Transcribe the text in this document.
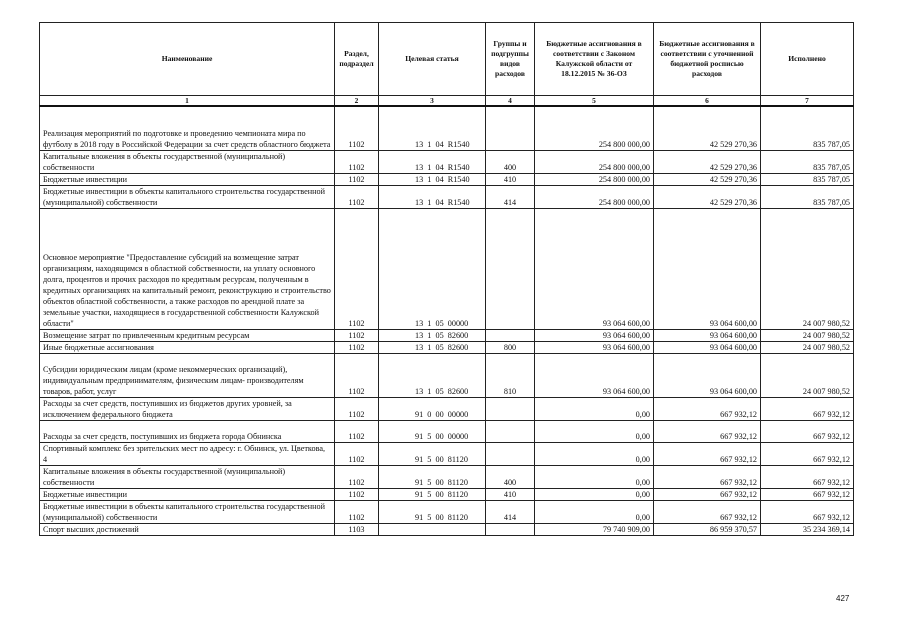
Наименование	Раздел, подраздел	Целевая статья	Группы и подгруппы видов расходов	Бюджетные ассигнования в соответствии с Законом Калужской области от 18.12.2015 № 36-ОЗ	Бюджетные ассигнования в соответствии с уточненной бюджетной росписью расходов	Исполнено
1	2	3	4	5	6	7
Реализация мероприятий по подготовке и проведению чемпионата мира по футболу в 2018 году в Российской Федерации за счет средств областного бюджета	1102	13  1  04  R1540		254 800 000,00	42 529 270,36	835 787,05
Капитальные вложения в объекты государственной (муниципальной) собственности	1102	13  1  04  R1540	400	254 800 000,00	42 529 270,36	835 787,05
Бюджетные инвестиции	1102	13  1  04  R1540	410	254 800 000,00	42 529 270,36	835 787,05
Бюджетные инвестиции в объекты капитального строительства государственной (муниципальной) собственности	1102	13  1  04  R1540	414	254 800 000,00	42 529 270,36	835 787,05
Основное мероприятие "Предоставление субсидий на возмещение затрат организациям, находящимся в областной собственности, на уплату основного долга, процентов и прочих расходов по кредитным ресурсам, полученным в кредитных организациях на капитальный ремонт, реконструкцию и строительство объектов областной собственности, а также расходов по арендной плате за земельные участки, находящиеся в государственной собственности Калужской области"	1102	13  1  05  00000		93 064 600,00	93 064 600,00	24 007 980,52
Возмещение затрат по привлеченным кредитным ресурсам	1102	13  1  05  82600		93 064 600,00	93 064 600,00	24 007 980,52
Иные бюджетные ассигнования	1102	13  1  05  82600	800	93 064 600,00	93 064 600,00	24 007 980,52
Субсидии юридическим лицам (кроме некоммерческих организаций), индивидуальным предпринимателям, физическим лицам- производителям товаров, работ, услуг	1102	13  1  05  82600	810	93 064 600,00	93 064 600,00	24 007 980,52
Расходы за счет средств, поступивших из бюджетов других уровней, за исключением федерального бюджета	1102	91  0  00  00000		0,00	667 932,12	667 932,12
Расходы за счет средств, поступивших из бюджета города Обнинска	1102	91  5  00  00000		0,00	667 932,12	667 932,12
Спортивный комплекс без зрительских мест по адресу: г. Обнинск, ул. Цветкова, 4	1102	91  5  00  81120		0,00	667 932,12	667 932,12
Капитальные вложения в объекты государственной (муниципальной) собственности	1102	91  5  00  81120	400	0,00	667 932,12	667 932,12
Бюджетные инвестиции	1102	91  5  00  81120	410	0,00	667 932,12	667 932,12
Бюджетные инвестиции в объекты капитального строительства государственной (муниципальной) собственности	1102	91  5  00  81120	414	0,00	667 932,12	667 932,12
Спорт высших достижений	1103			79 740 909,00	86 959 370,57	35 234 369,14
427
